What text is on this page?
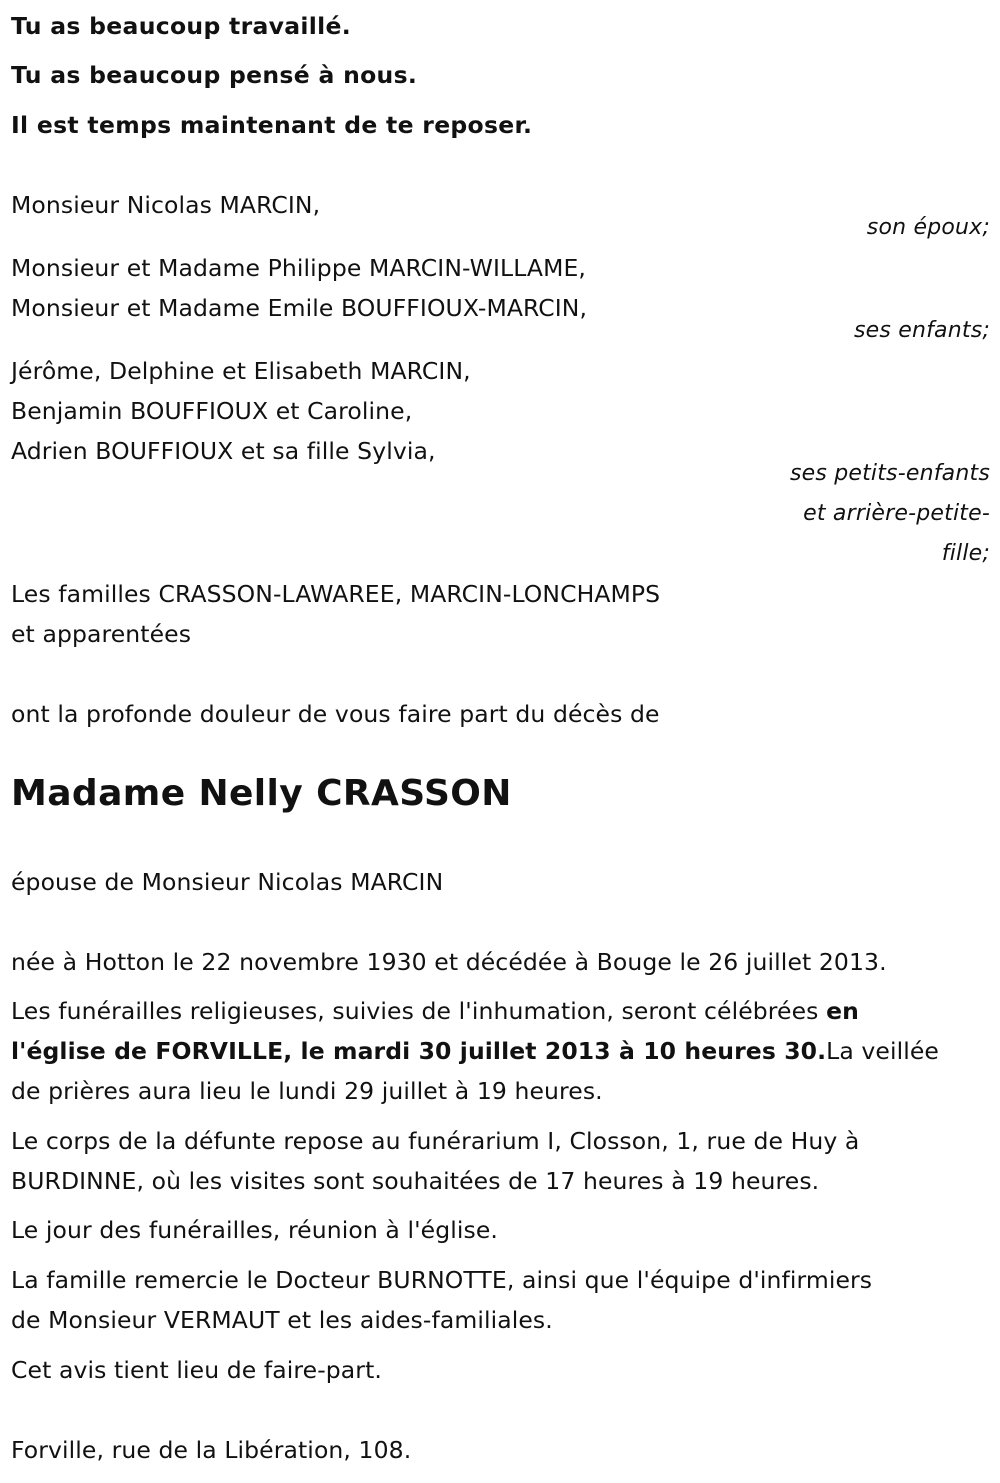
Tu as beaucoup travaillé.

Tu as beaucoup pensé à nous.

Il est temps maintenant de te reposer.

Monsieur Nicolas MARCIN,

son époux;

Monsieur et Madame Philippe MARCIN-WILLAME,

Monsieur et Madame Emile BOUFFIOUX-MARCIN,

ses enfants;

Jérôme, Delphine et Elisabeth MARCIN,

Benjamin BOUFFIOUX et Caroline,

Adrien BOUFFIOUX et sa fille Sylvia,

ses petits-enfants

et arrière-petite-

fille;

Les familles CRASSON-LAWAREE, MARCIN-LONCHAMPS

et apparentées

ont la profonde douleur de vous faire part du décès de

Madame Nelly CRASSON

épouse de Monsieur Nicolas MARCIN

née à Hotton le 22 novembre 1930 et décédée à Bouge le 26 juillet 2013.

Les funérailles religieuses, suivies de l'inhumation, seront célébrées en
l'église de FORVILLE, le mardi 30 juillet 2013 à 10 heures 30.La veillée
de prières aura lieu le lundi 29 juillet à 19 heures.

Le corps de la défunte repose au funérarium I, Closson, 1, rue de Huy à

BURDINNE, où les visites sont souhaitées de 17 heures à 19 heures.

Le jour des funérailles, réunion à l'église.

La famille remercie le Docteur BURNOTTE, ainsi que l'équipe d'infirmiers

de Monsieur VERMAUT et les aides-familiales.

Cet avis tient lieu de faire-part.

Forville, rue de la Libération, 108.
